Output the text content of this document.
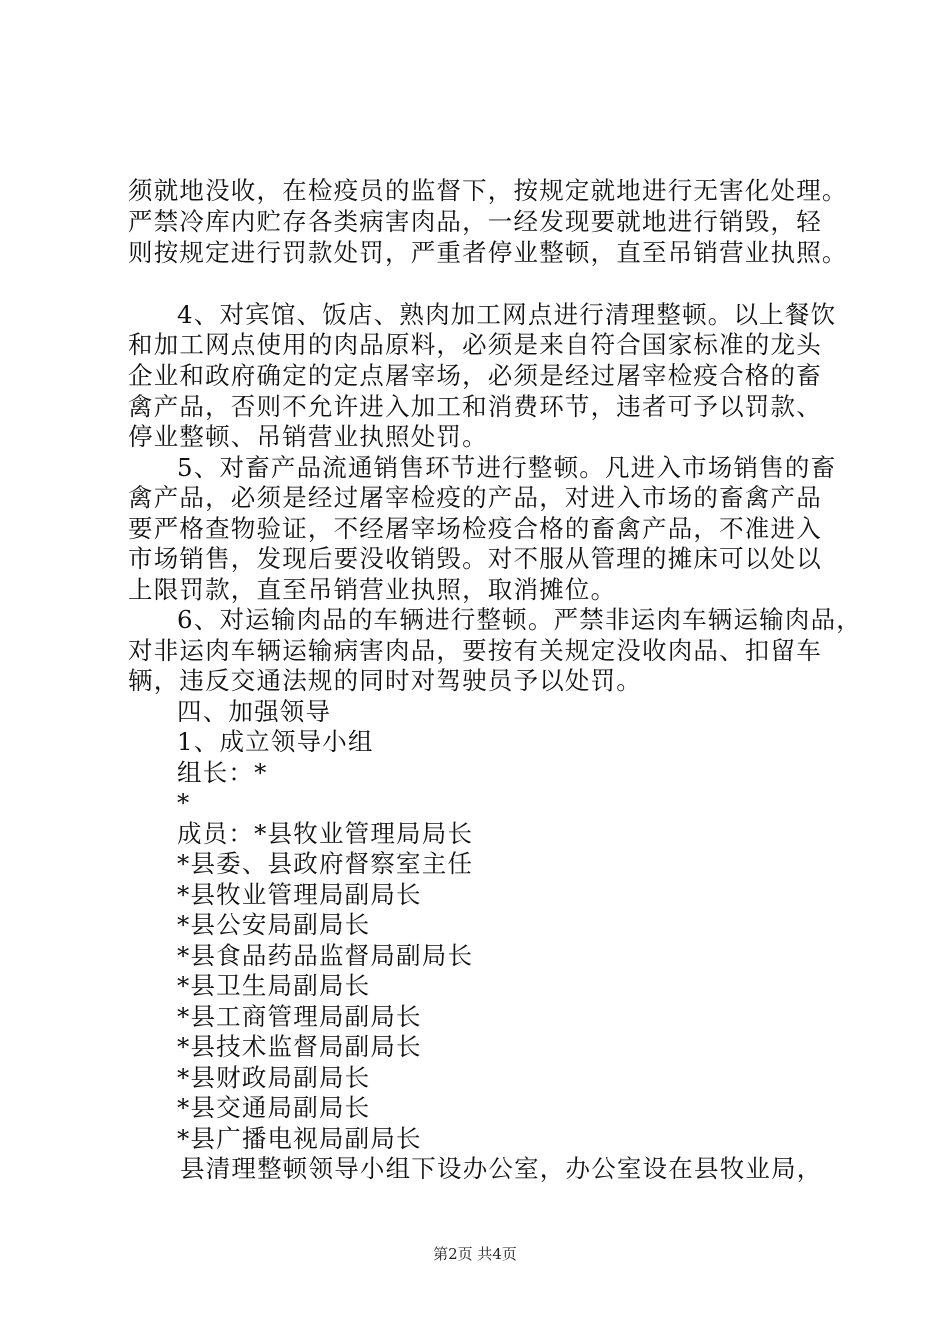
须就地没收，在检疫员的监督下，按规定就地进行无害化处理。
严禁冷库内贮存各类病害肉品，一经发现要就地进行销毁，轻
则按规定进行罚款处罚，严重者停业整顿，直至吊销营业执照。
4、对宾馆、饭店、熟肉加工网点进行清理整顿。以上餐饮
和加工网点使用的肉品原料，必须是来自符合国家标准的龙头
企业和政府确定的定点屠宰场，必须是经过屠宰检疫合格的畜
禽产品，否则不允许进入加工和消费环节，违者可予以罚款、
停业整顿、吊销营业执照处罚。
5、对畜产品流通销售环节进行整顿。凡进入市场销售的畜
禽产品，必须是经过屠宰检疫的产品，对进入市场的畜禽产品
要严格查物验证，不经屠宰场检疫合格的畜禽产品，不准进入
市场销售，发现后要没收销毁。对不服从管理的摊床可以处以
上限罚款，直至吊销营业执照，取消摊位。
6、对运输肉品的车辆进行整顿。严禁非运肉车辆运输肉品，
对非运肉车辆运输病害肉品，要按有关规定没收肉品、扣留车
辆，违反交通法规的同时对驾驶员予以处罚。
四、加强领导
1、成立领导小组
组长：*
*
成员：*县牧业管理局局长
*县委、县政府督察室主任
*县牧业管理局副局长
*县公安局副局长
*县食品药品监督局副局长
*县卫生局副局长
*县工商管理局副局长
*县技术监督局副局长
*县财政局副局长
*县交通局副局长
*县广播电视局副局长
县清理整顿领导小组下设办公室，办公室设在县牧业局，
第2页 共4页
